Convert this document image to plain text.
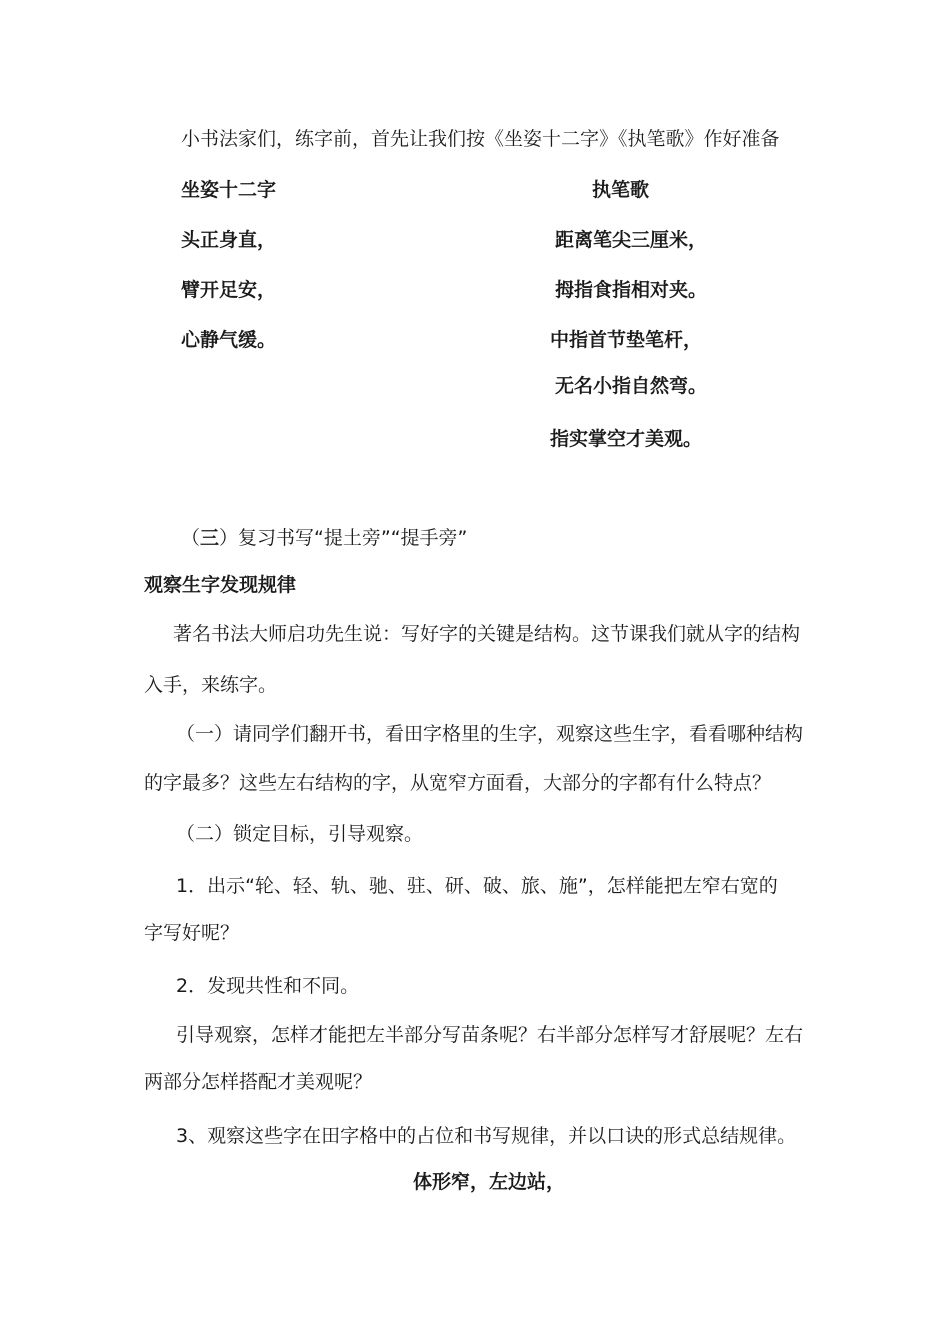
小书法家们，练字前，首先让我们按《坐姿十二字》《执笔歌》作好准备
坐姿十二字
头正身直，
臂开足安，
心静气缓。
执笔歌
距离笔尖三厘米，
拇指食指相对夹。
中指首节垫笔杆，
无名小指自然弯。
指实掌空才美观。
（三）复习书写“提土旁”“提手旁”
观察生字发现规律
著名书法大师启功先生说：写好字的关键是结构。这节课我们就从字的结构
入手，来练字。
（一）请同学们翻开书，看田字格里的生字，观察这些生字，看看哪种结构
的字最多？这些左右结构的字，从宽窄方面看，大部分的字都有什么特点？
（二）锁定目标，引导观察。
1．出示“轮、轻、轨、驰、驻、研、破、旅、施”，怎样能把左窄右宽的
字写好呢？
2．发现共性和不同。
引导观察，怎样才能把左半部分写苗条呢？右半部分怎样写才舒展呢？左右
两部分怎样搭配才美观呢？
3、观察这些字在田字格中的占位和书写规律，并以口诀的形式总结规律。
体形窄，左边站，
